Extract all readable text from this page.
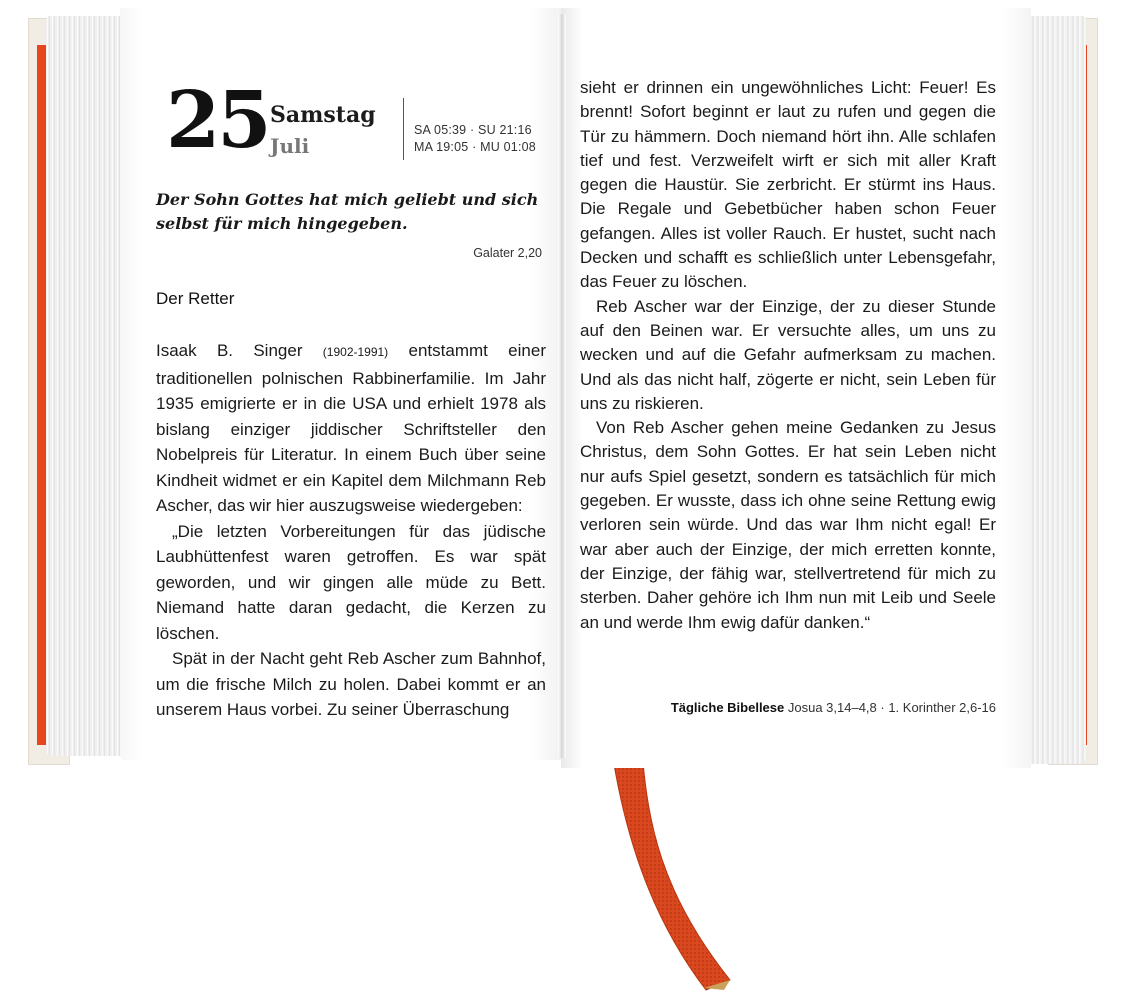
25 Samstag
Juli
SA 05:39 · SU 21:16
MA 19:05 · MU 01:08
Der Sohn Gottes hat mich geliebt und sich selbst für mich hingegeben.
Galater 2,20
Der Retter

Isaak B. Singer (1902-1991) entstammt einer traditionellen polnischen Rabbinerfamilie. Im Jahr 1935 emigrierte er in die USA und erhielt 1978 als bislang einziger jiddischer Schriftsteller den Nobelpreis für Literatur. In einem Buch über seine Kindheit widmet er ein Kapitel dem Milchmann Reb Ascher, das wir hier auszugsweise wiedergeben:

„Die letzten Vorbereitungen für das jüdische Laubhüttenfest waren getroffen. Es war spät geworden, und wir gingen alle müde zu Bett. Niemand hatte daran gedacht, die Kerzen zu löschen.

Spät in der Nacht geht Reb Ascher zum Bahnhof, um die frische Milch zu holen. Dabei kommt er an unserem Haus vorbei. Zu seiner Überraschung

sieht er drinnen ein ungewöhnliches Licht: Feuer! Es brennt! Sofort beginnt er laut zu rufen und gegen die Tür zu hämmern. Doch niemand hört ihn. Alle schlafen tief und fest. Verzweifelt wirft er sich mit aller Kraft gegen die Haustür. Sie zerbricht. Er stürmt ins Haus. Die Regale und Gebetbücher haben schon Feuer gefangen. Alles ist voller Rauch. Er hustet, sucht nach Decken und schafft es schließlich unter Lebensgefahr, das Feuer zu löschen.

Reb Ascher war der Einzige, der zu dieser Stunde auf den Beinen war. Er versuchte alles, um uns zu wecken und auf die Gefahr aufmerksam zu machen. Und als das nicht half, zögerte er nicht, sein Leben für uns zu riskieren.

Von Reb Ascher gehen meine Gedanken zu Jesus Christus, dem Sohn Gottes. Er hat sein Leben nicht nur aufs Spiel gesetzt, sondern es tatsächlich für mich gegeben. Er wusste, dass ich ohne seine Rettung ewig verloren sein würde. Und das war Ihm nicht egal! Er war aber auch der Einzige, der mich erretten konnte, der Einzige, der fähig war, stellvertretend für mich zu sterben. Daher gehöre ich Ihm nun mit Leib und Seele an und werde Ihm ewig dafür danken.“

Tägliche Bibellese Josua 3,14–4,8 · 1. Korinther 2,6-16
